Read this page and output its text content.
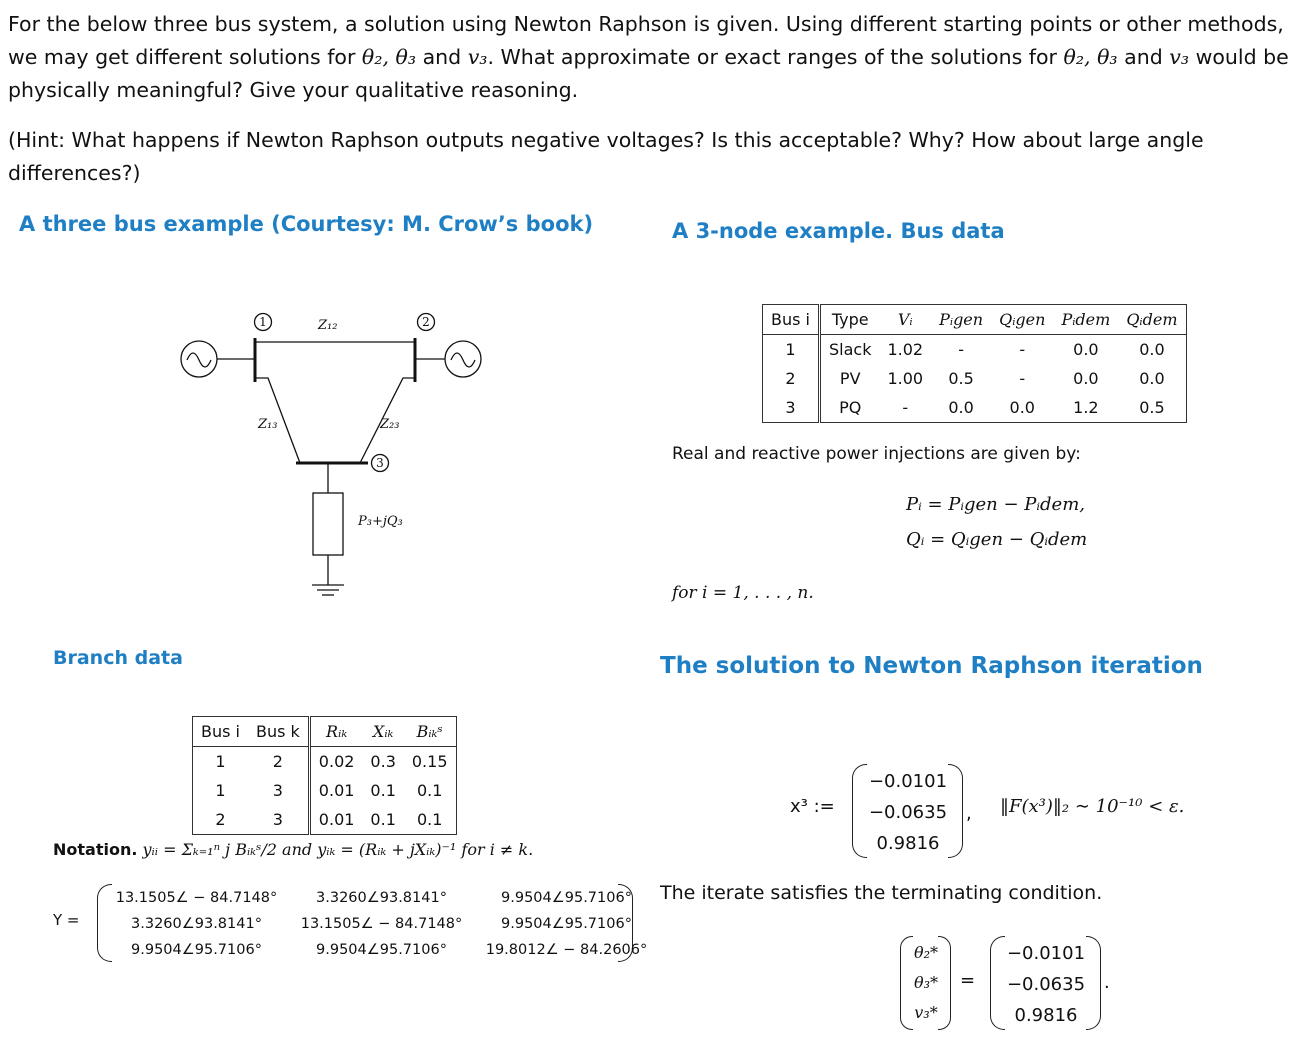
For the below three bus system, a solution using Newton Raphson is given. Using different starting points or other methods,
we may get different solutions for θ₂, θ₃ and v₃. What approximate or exact ranges of the solutions for θ₂, θ₃ and v₃ would be
physically meaningful? Give your qualitative reasoning.
(Hint: What happens if Newton Raphson outputs negative voltages? Is this acceptable? Why? How about large angle
differences?)
A three bus example (Courtesy: M. Crow’s book)
1	2
3
Z₁₂
Z₁₃	Z₂₃
P₃+jQ₃
A 3-node example. Bus data
Bus i	Type	Vᵢ	Pᵢgen	Qᵢgen	Pᵢdem	Qᵢdem
1	Slack	1.02	-	-	0.0	0.0
2	PV	1.00	0.5	-	0.0	0.0
3	PQ	-	0.0	0.0	1.2	0.5
Real and reactive power injections are given by:
Pᵢ = Pᵢgen − Pᵢdem,
Qᵢ = Qᵢgen − Qᵢdem
for i = 1, . . . , n.
Branch data
Bus i	Bus k	Rᵢₖ	Xᵢₖ	Bᵢₖˢ
1	2	0.02	0.3	0.15
1	3	0.01	0.1	0.1
2	3	0.01	0.1	0.1
Notation. yᵢᵢ = Σₖ₌₁ⁿ j Bᵢₖˢ/2 and yᵢₖ = (Rᵢₖ + jXᵢₖ)⁻¹ for i ≠ k.
Y =
13.1505∠ − 84.7148°	3.3260∠93.8141°	9.9504∠95.7106°
3.3260∠93.8141°	13.1505∠ − 84.7148°	9.9504∠95.7106°
9.9504∠95.7106°	9.9504∠95.7106°	19.8012∠ − 84.2606°
The solution to Newton Raphson iteration
x³ :=
−0.0101
−0.0635
0.9816
, ‖F(x³)‖₂ ∼ 10⁻¹⁰ < ε.
The iterate satisfies the terminating condition.
θ₂*
θ₃*
v₃*
=
−0.0101
−0.0635
0.9816
.
